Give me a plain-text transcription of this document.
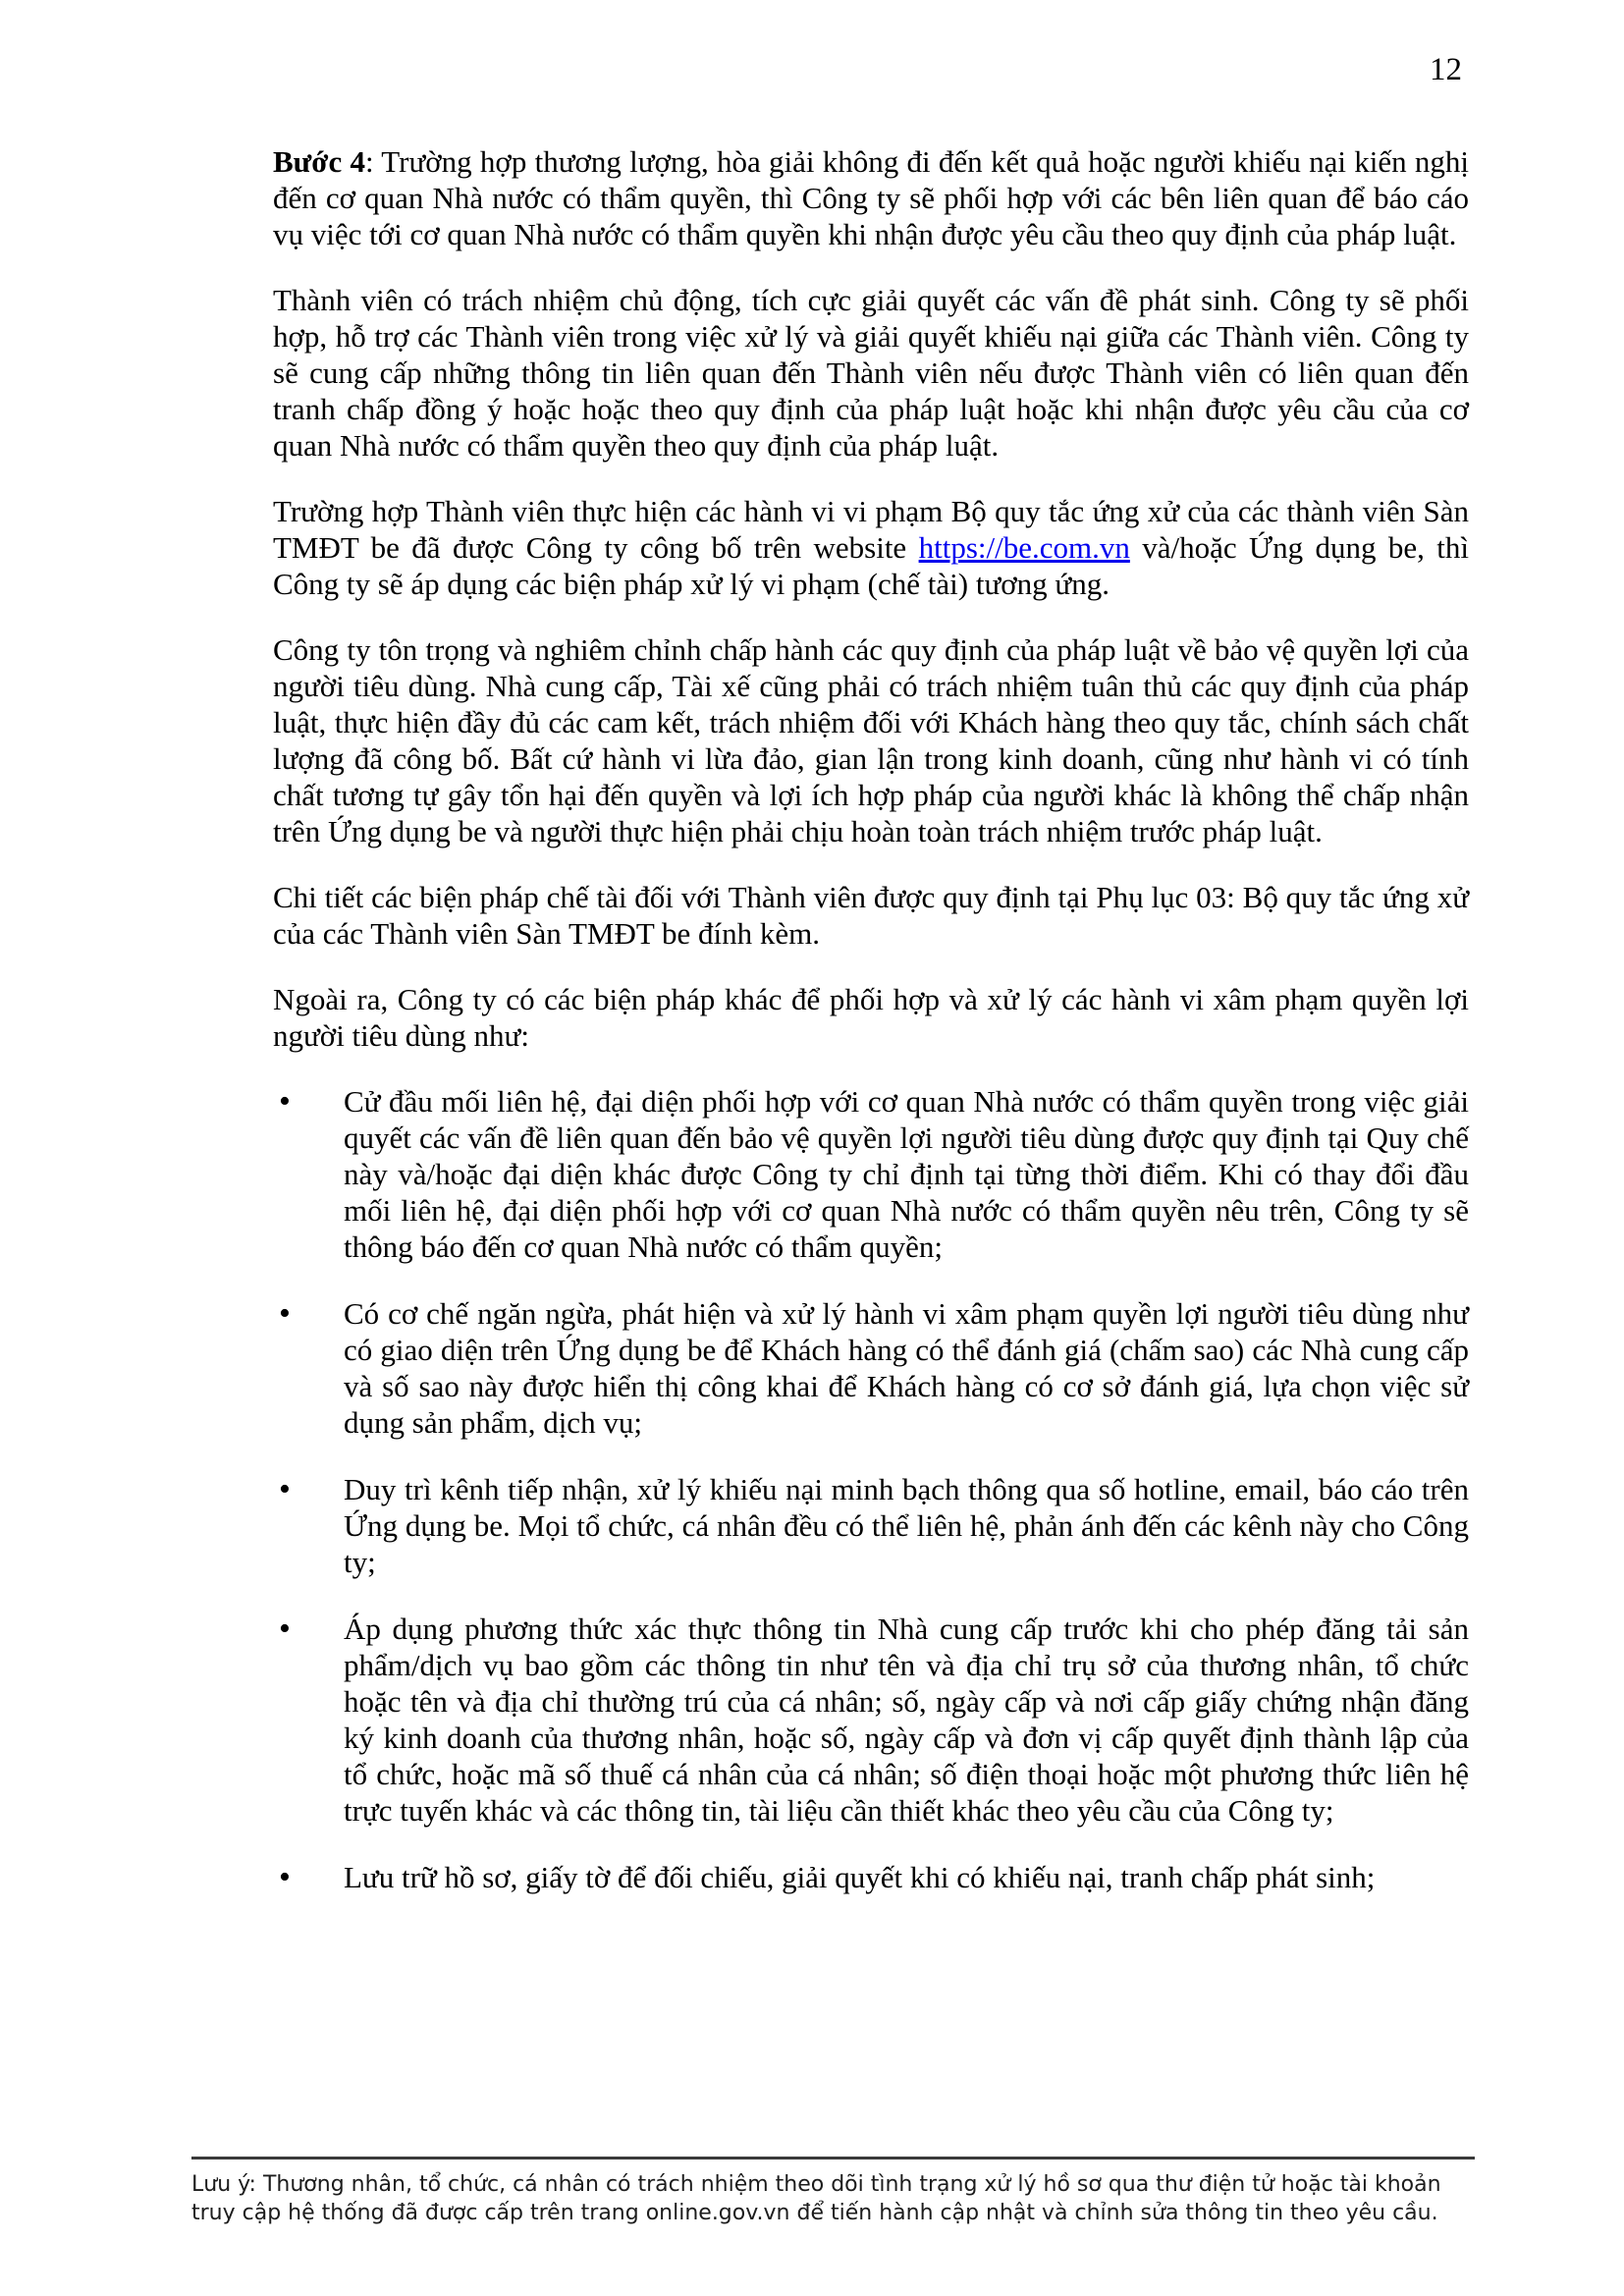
12

Bước 4: Trường hợp thương lượng, hòa giải không đi đến kết quả hoặc người khiếu nại kiến nghị đến cơ quan Nhà nước có thẩm quyền, thì Công ty sẽ phối hợp với các bên liên quan để báo cáo vụ việc tới cơ quan Nhà nước có thẩm quyền khi nhận được yêu cầu theo quy định của pháp luật.

Thành viên có trách nhiệm chủ động, tích cực giải quyết các vấn đề phát sinh. Công ty sẽ phối hợp, hỗ trợ các Thành viên trong việc xử lý và giải quyết khiếu nại giữa các Thành viên. Công ty sẽ cung cấp những thông tin liên quan đến Thành viên nếu được Thành viên có liên quan đến tranh chấp đồng ý hoặc hoặc theo quy định của pháp luật hoặc khi nhận được yêu cầu của cơ quan Nhà nước có thẩm quyền theo quy định của pháp luật.

Trường hợp Thành viên thực hiện các hành vi vi phạm Bộ quy tắc ứng xử của các thành viên Sàn TMĐT be đã được Công ty công bố trên website https://be.com.vn và/hoặc Ứng dụng be, thì Công ty sẽ áp dụng các biện pháp xử lý vi phạm (chế tài) tương ứng.

Công ty tôn trọng và nghiêm chỉnh chấp hành các quy định của pháp luật về bảo vệ quyền lợi của người tiêu dùng. Nhà cung cấp, Tài xế cũng phải có trách nhiệm tuân thủ các quy định của pháp luật, thực hiện đầy đủ các cam kết, trách nhiệm đối với Khách hàng theo quy tắc, chính sách chất lượng đã công bố. Bất cứ hành vi lừa đảo, gian lận trong kinh doanh, cũng như hành vi có tính chất tương tự gây tổn hại đến quyền và lợi ích hợp pháp của người khác là không thể chấp nhận trên Ứng dụng be và người thực hiện phải chịu hoàn toàn trách nhiệm trước pháp luật.

Chi tiết các biện pháp chế tài đối với Thành viên được quy định tại Phụ lục 03: Bộ quy tắc ứng xử của các Thành viên Sàn TMĐT be đính kèm.

Ngoài ra, Công ty có các biện pháp khác để phối hợp và xử lý các hành vi xâm phạm quyền lợi người tiêu dùng như:

• Cử đầu mối liên hệ, đại diện phối hợp với cơ quan Nhà nước có thẩm quyền trong việc giải quyết các vấn đề liên quan đến bảo vệ quyền lợi người tiêu dùng được quy định tại Quy chế này và/hoặc đại diện khác được Công ty chỉ định tại từng thời điểm. Khi có thay đổi đầu mối liên hệ, đại diện phối hợp với cơ quan Nhà nước có thẩm quyền nêu trên, Công ty sẽ thông báo đến cơ quan Nhà nước có thẩm quyền;
• Có cơ chế ngăn ngừa, phát hiện và xử lý hành vi xâm phạm quyền lợi người tiêu dùng như có giao diện trên Ứng dụng be để Khách hàng có thể đánh giá (chấm sao) các Nhà cung cấp và số sao này được hiển thị công khai để Khách hàng có cơ sở đánh giá, lựa chọn việc sử dụng sản phẩm, dịch vụ;
• Duy trì kênh tiếp nhận, xử lý khiếu nại minh bạch thông qua số hotline, email, báo cáo trên Ứng dụng be. Mọi tổ chức, cá nhân đều có thể liên hệ, phản ánh đến các kênh này cho Công ty;
• Áp dụng phương thức xác thực thông tin Nhà cung cấp trước khi cho phép đăng tải sản phẩm/dịch vụ bao gồm các thông tin như tên và địa chỉ trụ sở của thương nhân, tổ chức hoặc tên và địa chỉ thường trú của cá nhân; số, ngày cấp và nơi cấp giấy chứng nhận đăng ký kinh doanh của thương nhân, hoặc số, ngày cấp và đơn vị cấp quyết định thành lập của tổ chức, hoặc mã số thuế cá nhân của cá nhân; số điện thoại hoặc một phương thức liên hệ trực tuyến khác và các thông tin, tài liệu cần thiết khác theo yêu cầu của Công ty;
• Lưu trữ hồ sơ, giấy tờ để đối chiếu, giải quyết khi có khiếu nại, tranh chấp phát sinh;
Lưu ý: Thương nhân, tổ chức, cá nhân có trách nhiệm theo dõi tình trạng xử lý hồ sơ qua thư điện tử hoặc tài khoản truy cập hệ thống đã được cấp trên trang online.gov.vn để tiến hành cập nhật và chỉnh sửa thông tin theo yêu cầu.
